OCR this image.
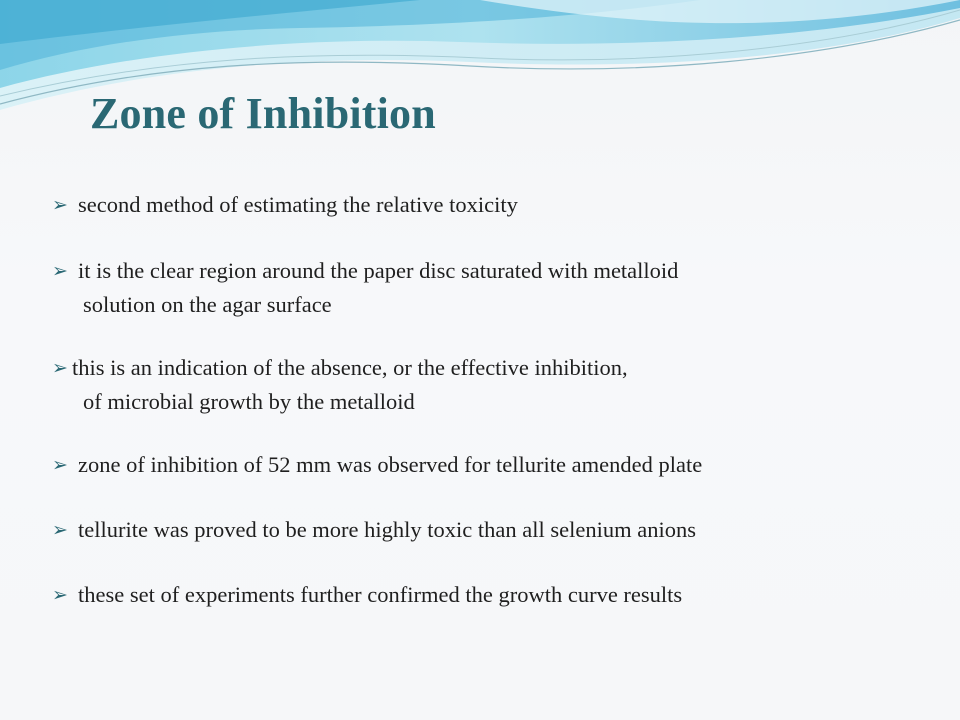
Zone of Inhibition
➢ second method of estimating the relative toxicity
➢ it is the clear region around the paper disc saturated with metalloid
solution on the agar surface
➢ this is an indication of the absence, or the effective inhibition,
of microbial growth by the metalloid
➢ zone of inhibition of 52 mm was observed for tellurite amended plate
➢ tellurite was proved to be more highly toxic than all selenium anions
➢ these set of experiments further confirmed the growth curve results
